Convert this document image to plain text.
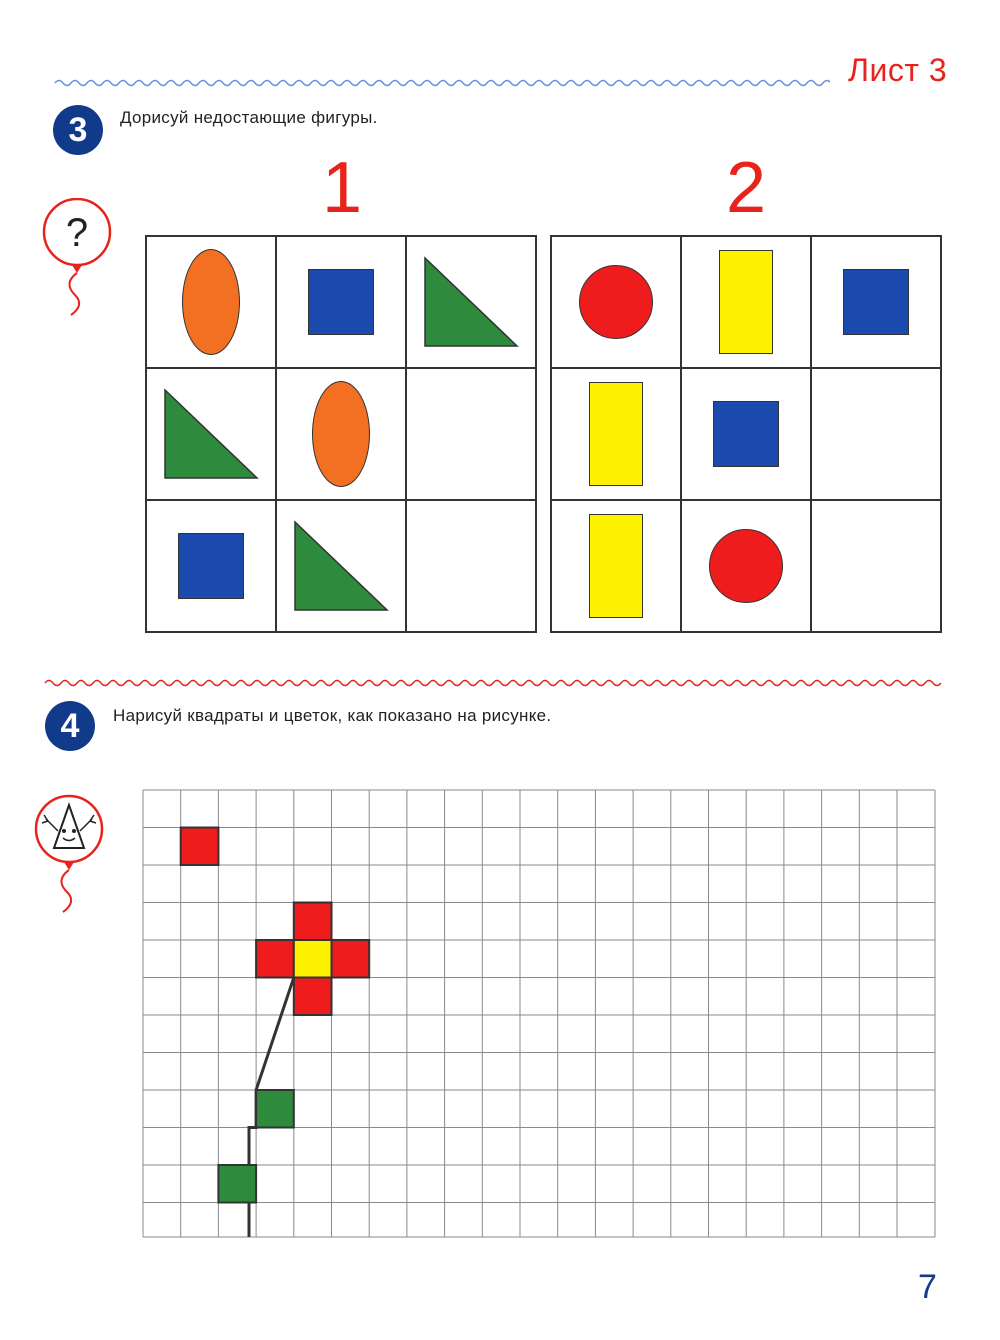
Лист 3
3	Дорисуй недостающие фигуры.
?
1	2

4	Нарисуй квадраты и цветок, как показано на рисунке.
7
